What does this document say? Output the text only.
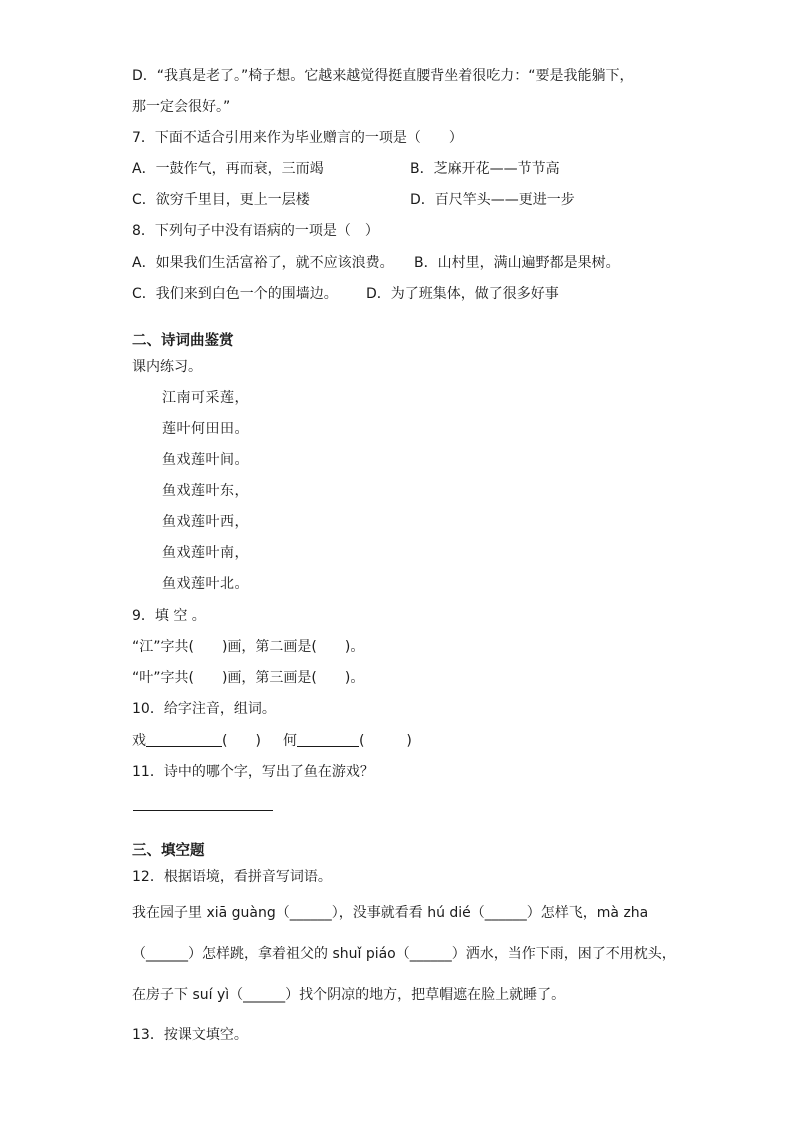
D．“我真是老了。”椅子想。它越来越觉得挺直腰背坐着很吃力：“要是我能躺下，
那一定会很好。”
7．下面不适合引用来作为毕业赠言的一项是（　　）
A．一鼓作气，再而衰，三而竭	B．芝麻开花——节节高
C．欲穷千里目，更上一层楼	D．百尺竿头——更进一步
8．下列句子中没有语病的一项是（　）
A．如果我们生活富裕了，就不应该浪费。 B．山村里，满山遍野都是果树。
C．我们来到白色一个的围墙边。 D．为了班集体，做了很多好事
二、诗词曲鉴赏
课内练习。
江南可采莲，
莲叶何田田。
鱼戏莲叶间。
鱼戏莲叶东，
鱼戏莲叶西，
鱼戏莲叶南，
鱼戏莲叶北。
9．填 空 。
“江”字共(　　)画，第二画是(　　)。
“叶”字共(　　)画，第三画是(　　)。
10．给字注音，组词。
戏	(　　) 何	(　　　)
11．诗中的哪个字，写出了鱼在游戏？
三、填空题
12．根据语境，看拼音写词语。
我在园子里 xiā guàng（______），没事就看看 hú dié（______）怎样飞，mà zha
（______）怎样跳，拿着祖父的 shuǐ piáo（______）洒水，当作下雨，困了不用枕头，
在房子下 suí yì（______）找个阴凉的地方，把草帽遮在脸上就睡了。
13．按课文填空。
